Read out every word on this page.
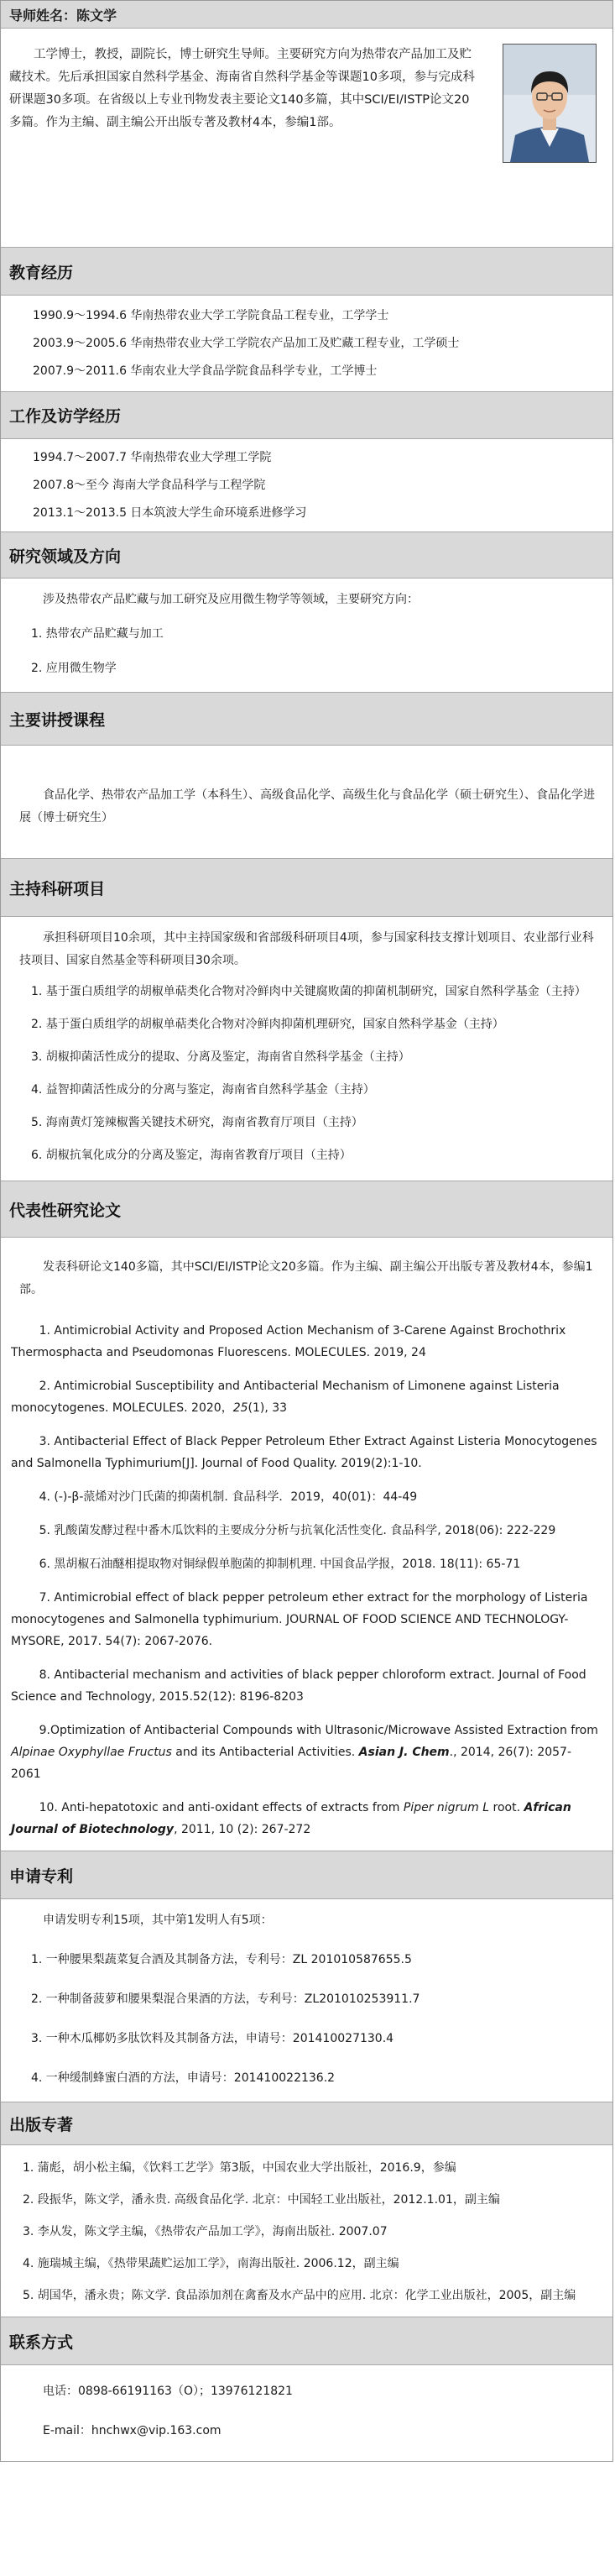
导师姓名：陈文学

工学博士，教授，副院长，博士研究生导师。主要研究方向为热带农产品加工及贮藏技术。先后承担国家自然科学基金、海南省自然科学基金等课题10多项，参与完成科研课题30多项。在省级以上专业刊物发表主要论文140多篇，其中SCI/EI/ISTP论文20多篇。作为主编、副主编公开出版专著及教材4本，参编1部。

教育经历

1990.9～1994.6 华南热带农业大学工学院食品工程专业，工学学士

2003.9～2005.6 华南热带农业大学工学院农产品加工及贮藏工程专业，工学硕士

2007.9～2011.6 华南农业大学食品学院食品科学专业，工学博士

工作及访学经历

1994.7～2007.7 华南热带农业大学理工学院

2007.8～至今 海南大学食品科学与工程学院

2013.1～2013.5 日本筑波大学生命环境系进修学习

研究领域及方向

涉及热带农产品贮藏与加工研究及应用微生物学等领域，主要研究方向：

1. 热带农产品贮藏与加工

2. 应用微生物学

主要讲授课程

食品化学、热带农产品加工学（本科生）、高级食品化学、高级生化与食品化学（硕士研究生）、食品化学进展（博士研究生）

主持科研项目

承担科研项目10余项，其中主持国家级和省部级科研项目4项，参与国家科技支撑计划项目、农业部行业科技项目、国家自然基金等科研项目30余项。

1. 基于蛋白质组学的胡椒单萜类化合物对冷鲜肉中关键腐败菌的抑菌机制研究，国家自然科学基金（主持）

2. 基于蛋白质组学的胡椒单萜类化合物对冷鲜肉抑菌机理研究，国家自然科学基金（主持）

3. 胡椒抑菌活性成分的提取、分离及鉴定，海南省自然科学基金（主持）

4. 益智抑菌活性成分的分离与鉴定，海南省自然科学基金（主持）

5. 海南黄灯笼辣椒酱关键技术研究，海南省教育厅项目（主持）

6. 胡椒抗氧化成分的分离及鉴定，海南省教育厅项目（主持）

代表性研究论文

发表科研论文140多篇，其中SCI/EI/ISTP论文20多篇。作为主编、副主编公开出版专著及教材4本，参编1部。

1. Antimicrobial Activity and Proposed Action Mechanism of 3-Carene Against Brochothrix Thermosphacta and Pseudomonas Fluorescens. MOLECULES. 2019, 24

2. Antimicrobial Susceptibility and Antibacterial Mechanism of Limonene against Listeria monocytogenes. MOLECULES. 2020，25(1), 33

3. Antibacterial Effect of Black Pepper Petroleum Ether Extract Against Listeria Monocytogenes and Salmonella Typhimurium[J]. Journal of Food Quality. 2019(2):1-10.

4. (-)-β-蒎烯对沙门氏菌的抑菌机制. 食品科学．2019，40(01)：44-49

5. 乳酸菌发酵过程中番木瓜饮料的主要成分分析与抗氧化活性变化. 食品科学, 2018(06): 222-229

6. 黑胡椒石油醚相提取物对铜绿假单胞菌的抑制机理. 中国食品学报，2018. 18(11): 65-71

7. Antimicrobial effect of black pepper petroleum ether extract for the morphology of Listeria monocytogenes and Salmonella typhimurium. JOURNAL OF FOOD SCIENCE AND TECHNOLOGY-MYSORE, 2017. 54(7): 2067-2076.

8. Antibacterial mechanism and activities of black pepper chloroform extract. Journal of Food Science and Technology, 2015.52(12): 8196-8203

9.Optimization of Antibacterial Compounds with Ultrasonic/Microwave Assisted Extraction from Alpinae Oxyphyllae Fructus and its Antibacterial Activities. Asian J. Chem., 2014, 26(7): 2057-2061

10. Anti-hepatotoxic and anti-oxidant effects of extracts from Piper nigrum L root. African Journal of Biotechnology, 2011, 10 (2): 267-272

申请专利

申请发明专利15项，其中第1发明人有5项：

1. 一种腰果梨蔬菜复合酒及其制备方法，专利号：ZL 201010587655.5

2. 一种制备菠萝和腰果梨混合果酒的方法，专利号：ZL201010253911.7

3. 一种木瓜椰奶多肽饮料及其制备方法，申请号：201410027130.4

4. 一种缓制蜂蜜白酒的方法，申请号：201410022136.2

出版专著

1. 蒲彪，胡小松主编，《饮料工艺学》第3版，中国农业大学出版社，2016.9，参编

2. 段振华，陈文学，潘永贵. 高级食品化学. 北京：中国轻工业出版社，2012.1.01，副主编

3. 李从发，陈文学主编，《热带农产品加工学》，海南出版社. 2007.07

4. 施瑞城主编，《热带果蔬贮运加工学》，南海出版社. 2006.12，副主编

5. 胡国华，潘永贵；陈文学. 食品添加剂在禽畜及水产品中的应用. 北京：化学工业出版社，2005，副主编

联系方式

电话：0898-66191163（O）；13976121821

E-mail：hnchwx@vip.163.com
